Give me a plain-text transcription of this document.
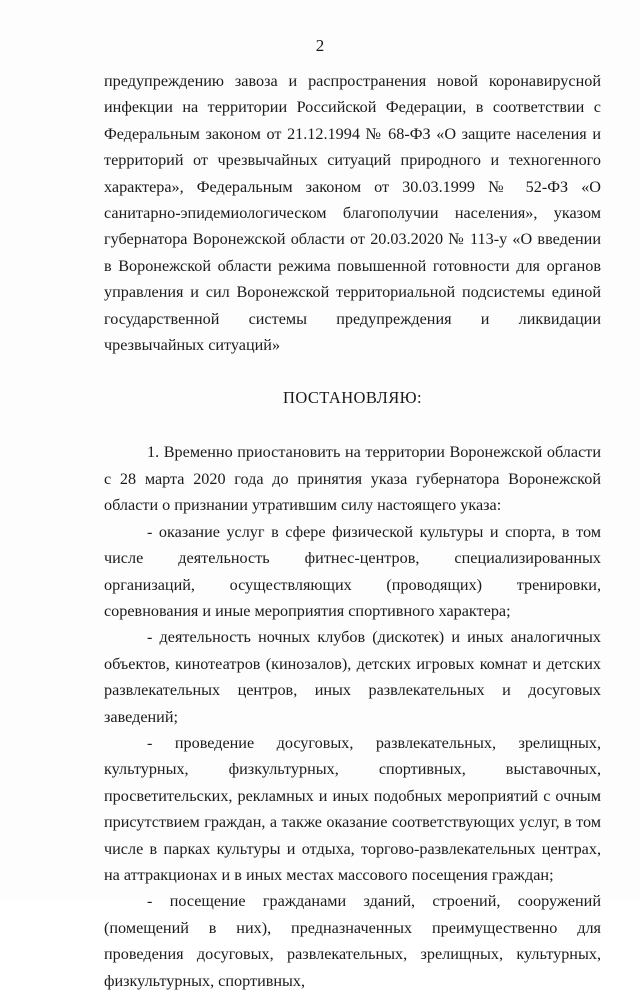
2

предупреждению завоза и распространения новой коронавирусной инфекции на территории Российской Федерации, в соответствии с Федеральным законом от 21.12.1994 № 68-ФЗ «О защите населения и территорий от чрезвычайных ситуаций природного и техногенного характера», Федеральным законом от 30.03.1999 № 52-ФЗ «О санитарно-эпидемиологическом благополучии населения», указом губернатора Воронежской области от 20.03.2020 № 113-у «О введении в Воронежской области режима повышенной готовности для органов управления и сил Воронежской территориальной подсистемы единой государственной системы предупреждения и ликвидации чрезвычайных ситуаций»

ПОСТАНОВЛЯЮ:

1. Временно приостановить на территории Воронежской области с 28 марта 2020 года до принятия указа губернатора Воронежской области о признании утратившим силу настоящего указа:

- оказание услуг в сфере физической культуры и спорта, в том числе деятельность фитнес-центров, специализированных организаций, осуществляющих (проводящих) тренировки, соревнования и иные мероприятия спортивного характера;

- деятельность ночных клубов (дискотек) и иных аналогичных объектов, кинотеатров (кинозалов), детских игровых комнат и детских развлекательных центров, иных развлекательных и досуговых заведений;

- проведение досуговых, развлекательных, зрелищных, культурных, физкультурных, спортивных, выставочных, просветительских, рекламных и иных подобных мероприятий с очным присутствием граждан, а также оказание соответствующих услуг, в том числе в парках культуры и отдыха, торгово-развлекательных центрах, на аттракционах и в иных местах массового посещения граждан;

- посещение гражданами зданий, строений, сооружений (помещений в них), предназначенных преимущественно для проведения досуговых, развлекательных, зрелищных, культурных, физкультурных, спортивных,
